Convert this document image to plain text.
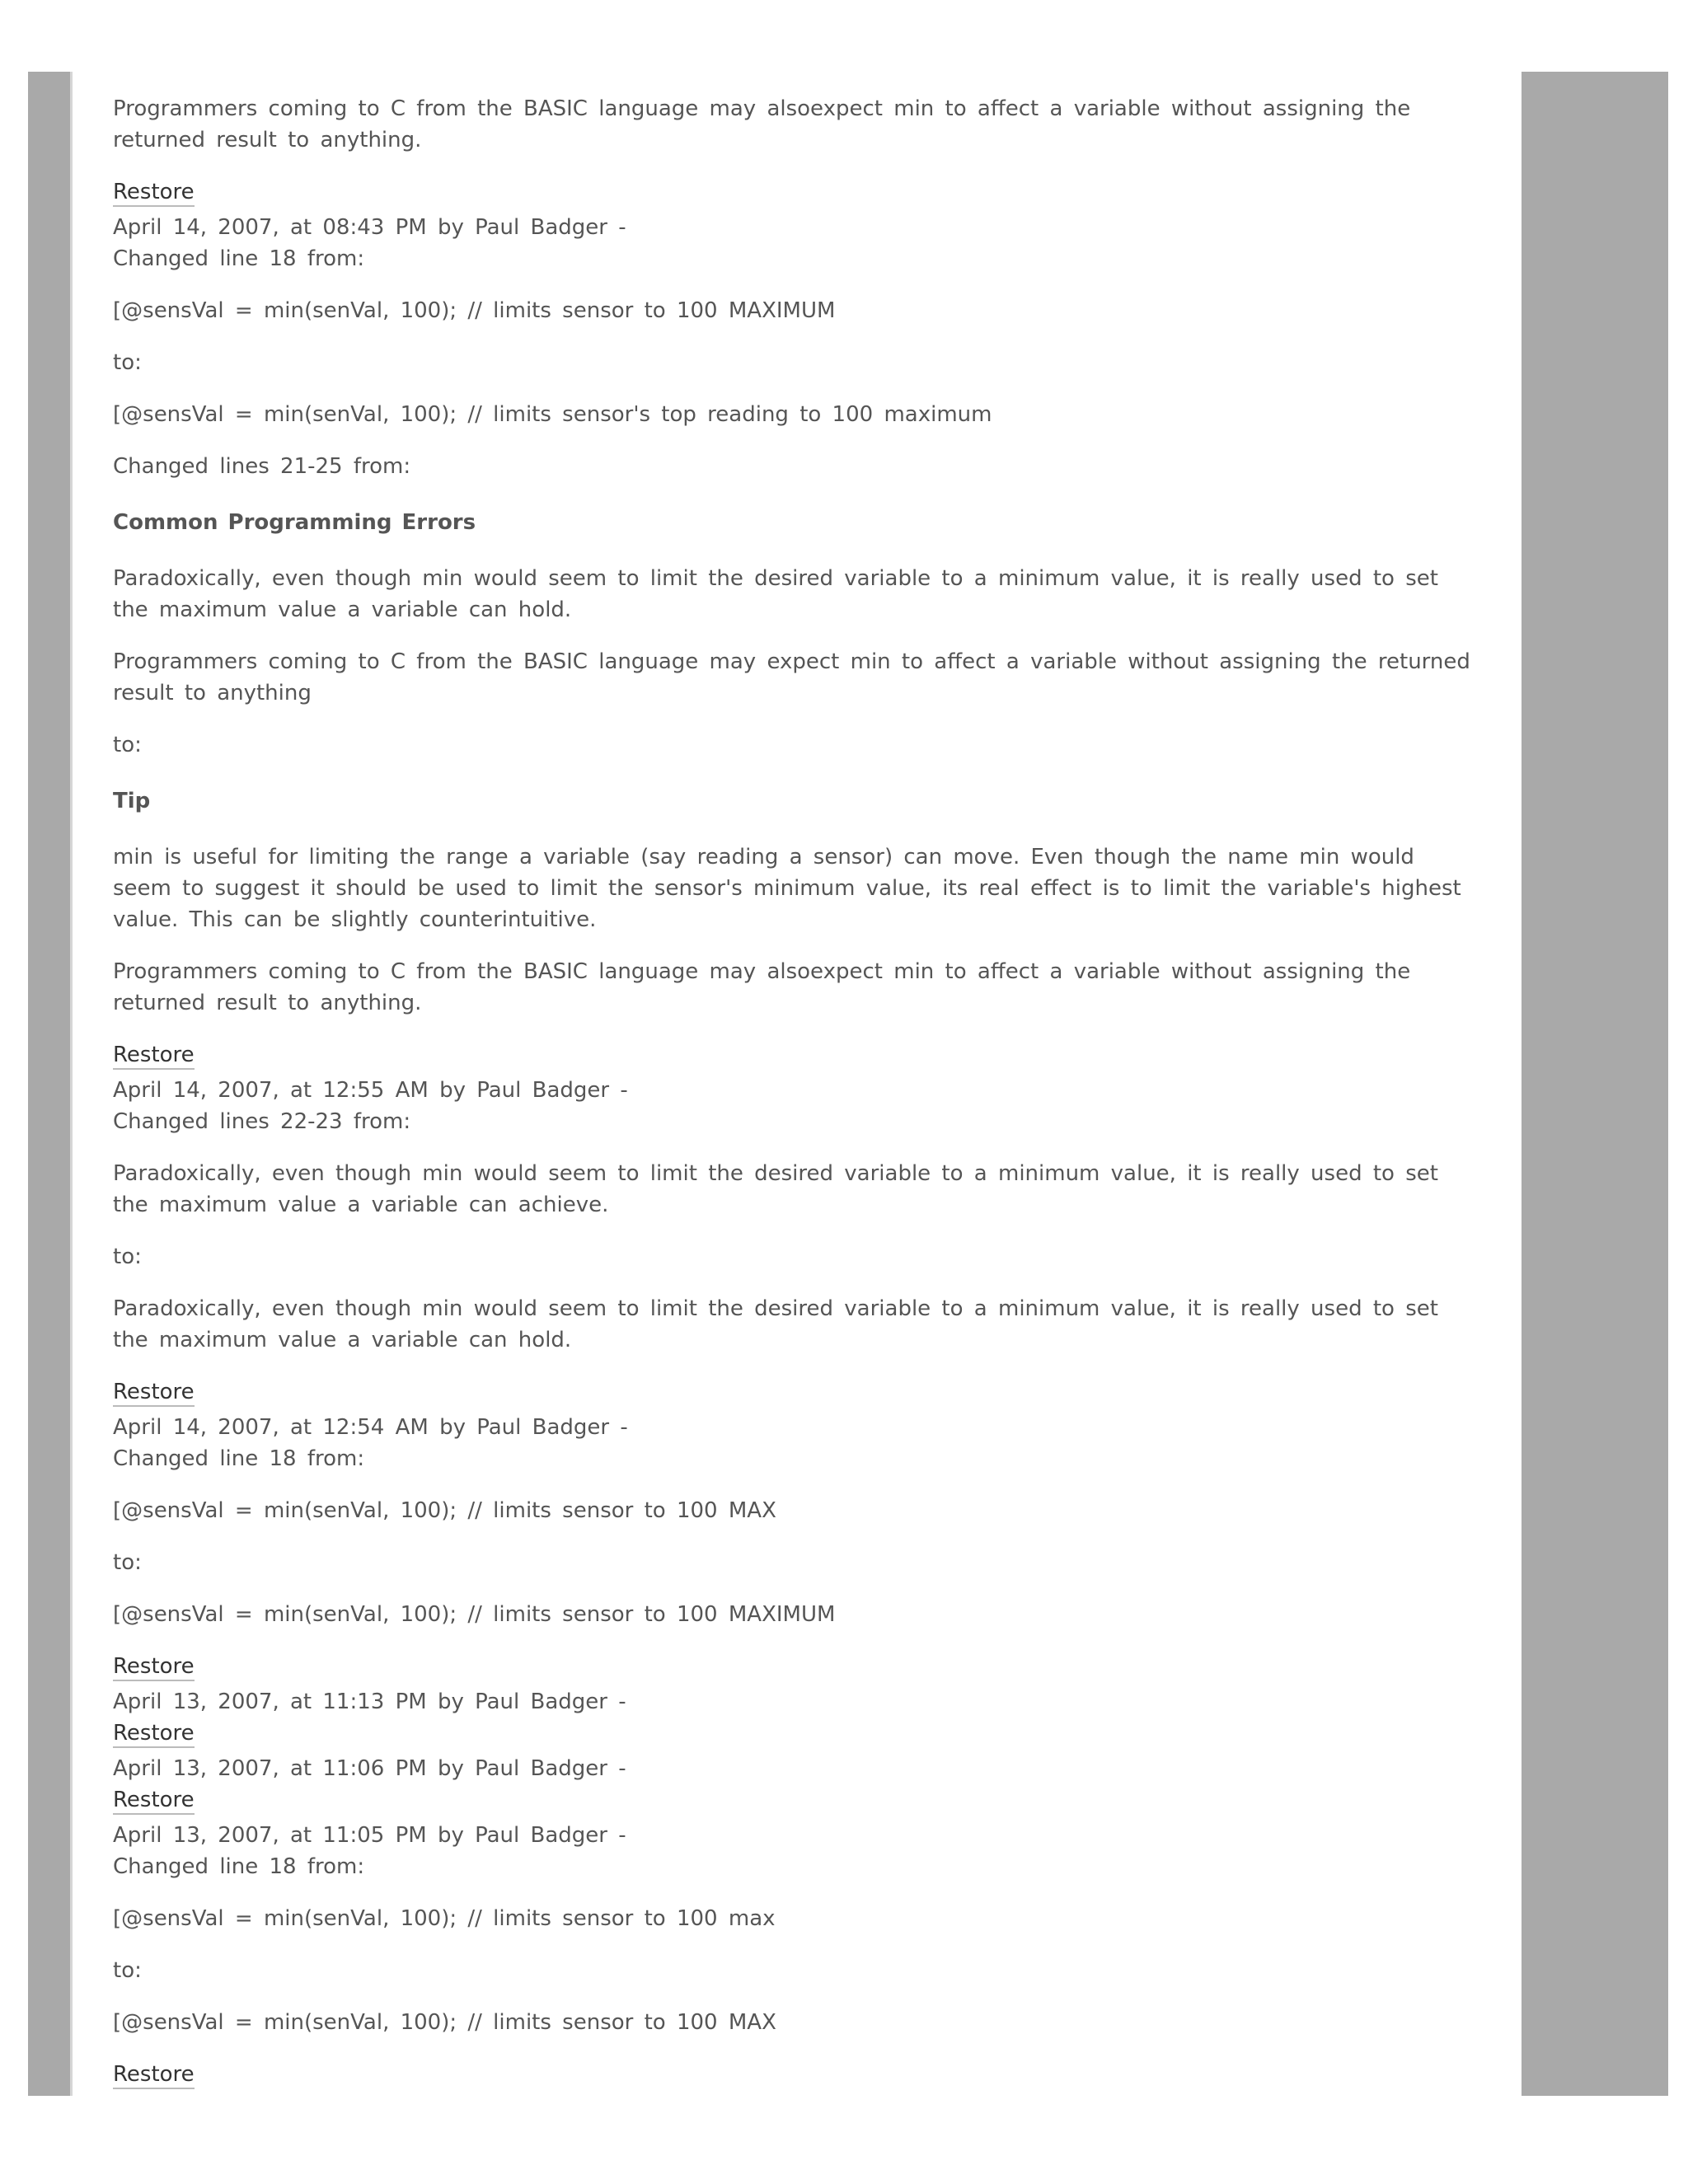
Programmers coming to C from the BASIC language may alsoexpect min to affect a variable without assigning the returned result to anything.

Restore
April 14, 2007, at 08:43 PM by Paul Badger -
Changed line 18 from:

[@sensVal = min(senVal, 100); // limits sensor to 100 MAXIMUM

to:

[@sensVal = min(senVal, 100); // limits sensor's top reading to 100 maximum

Changed lines 21-25 from:

Common Programming Errors

Paradoxically, even though min would seem to limit the desired variable to a minimum value, it is really used to set the maximum value a variable can hold.

Programmers coming to C from the BASIC language may expect min to affect a variable without assigning the returned result to anything

to:

Tip

min is useful for limiting the range a variable (say reading a sensor) can move. Even though the name min would seem to suggest it should be used to limit the sensor's minimum value, its real effect is to limit the variable's highest value. This can be slightly counterintuitive.

Programmers coming to C from the BASIC language may alsoexpect min to affect a variable without assigning the returned result to anything.

Restore
April 14, 2007, at 12:55 AM by Paul Badger -
Changed lines 22-23 from:

Paradoxically, even though min would seem to limit the desired variable to a minimum value, it is really used to set the maximum value a variable can achieve.

to:

Paradoxically, even though min would seem to limit the desired variable to a minimum value, it is really used to set the maximum value a variable can hold.

Restore
April 14, 2007, at 12:54 AM by Paul Badger -
Changed line 18 from:

[@sensVal = min(senVal, 100); // limits sensor to 100 MAX

to:

[@sensVal = min(senVal, 100); // limits sensor to 100 MAXIMUM

Restore
April 13, 2007, at 11:13 PM by Paul Badger -
Restore
April 13, 2007, at 11:06 PM by Paul Badger -
Restore
April 13, 2007, at 11:05 PM by Paul Badger -
Changed line 18 from:

[@sensVal = min(senVal, 100); // limits sensor to 100 max

to:

[@sensVal = min(senVal, 100); // limits sensor to 100 MAX

Restore
